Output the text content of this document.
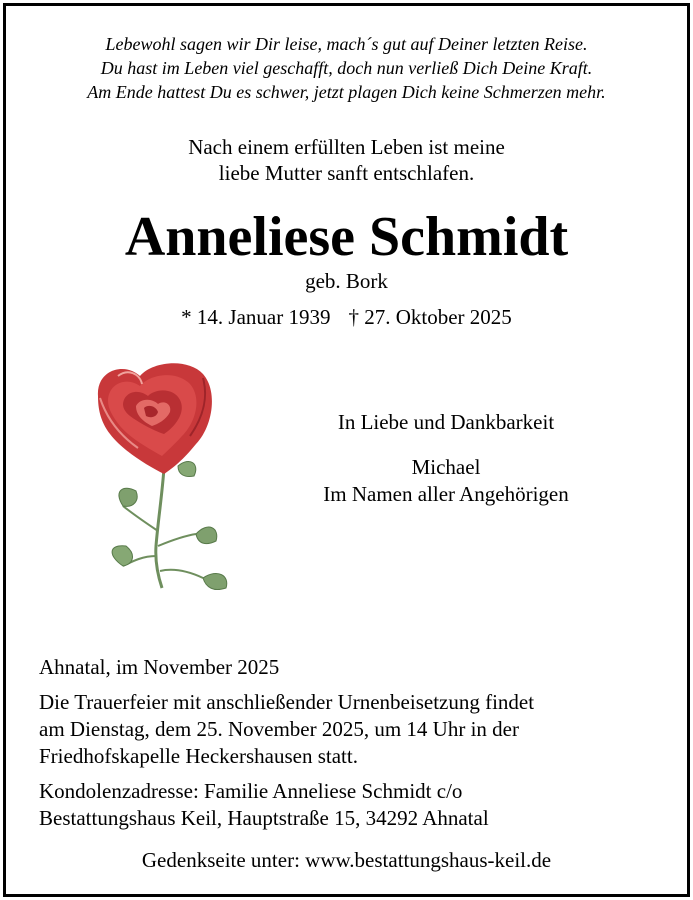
Lebewohl sagen wir Dir leise, mach´s gut auf Deiner letzten Reise.
Du hast im Leben viel geschafft, doch nun verließ Dich Deine Kraft.
Am Ende hattest Du es schwer, jetzt plagen Dich keine Schmerzen mehr.
Nach einem erfüllten Leben ist meine
liebe Mutter sanft entschlafen.
Anneliese Schmidt
geb. Bork
* 14. Januar 1939 † 27. Oktober 2025
In Liebe und Dankbarkeit
Michael
Im Namen aller Angehörigen
Ahnatal, im November 2025
Die Trauerfeier mit anschließender Urnenbeisetzung findet
am Dienstag, dem 25. November 2025, um 14 Uhr in der
Friedhofskapelle Heckershausen statt.
Kondolenzadresse: Familie Anneliese Schmidt c/o
Bestattungshaus Keil, Hauptstraße 15, 34292 Ahnatal
Gedenkseite unter: www.bestattungshaus-keil.de
